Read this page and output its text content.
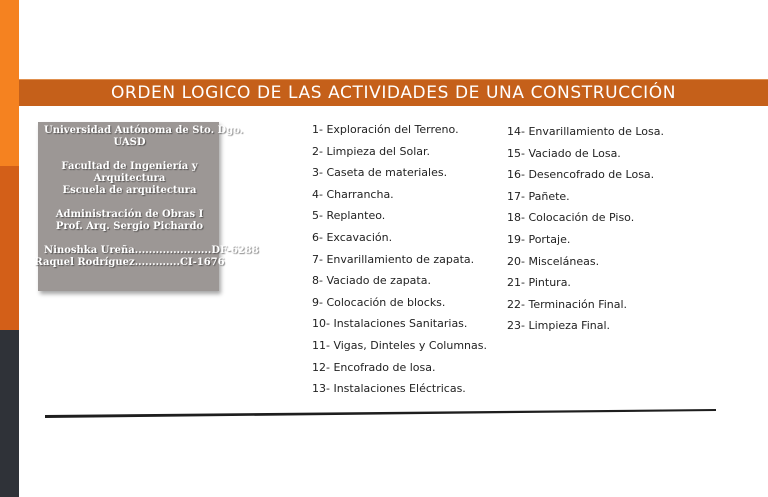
ORDEN LOGICO DE LAS ACTIVIDADES DE UNA CONSTRUCCIÓN
Universidad Autónoma de Sto. Dgo.
UASD
Facultad de Ingeniería y
Arquitectura
Escuela de arquitectura
Administración de Obras I
Prof. Arq. Sergio Pichardo
Ninoshka Ureña...................... DF-6288
Raquel Rodríguez.............CI-1676
1- Exploración del Terreno.
2- Limpieza del Solar.
3- Caseta de materiales.
4- Charrancha.
5- Replanteo.
6- Excavación.
7- Envarillamiento de zapata.
8- Vaciado de zapata.
9- Colocación de blocks.
10- Instalaciones Sanitarias.
11- Vigas, Dinteles y Columnas.
12- Encofrado de losa.
13- Instalaciones Eléctricas.
14- Envarillamiento de Losa.
15- Vaciado de Losa.
16- Desencofrado de Losa.
17- Pañete.
18- Colocación de Piso.
19- Portaje.
20- Misceláneas.
21- Pintura.
22- Terminación Final.
23- Limpieza Final.
